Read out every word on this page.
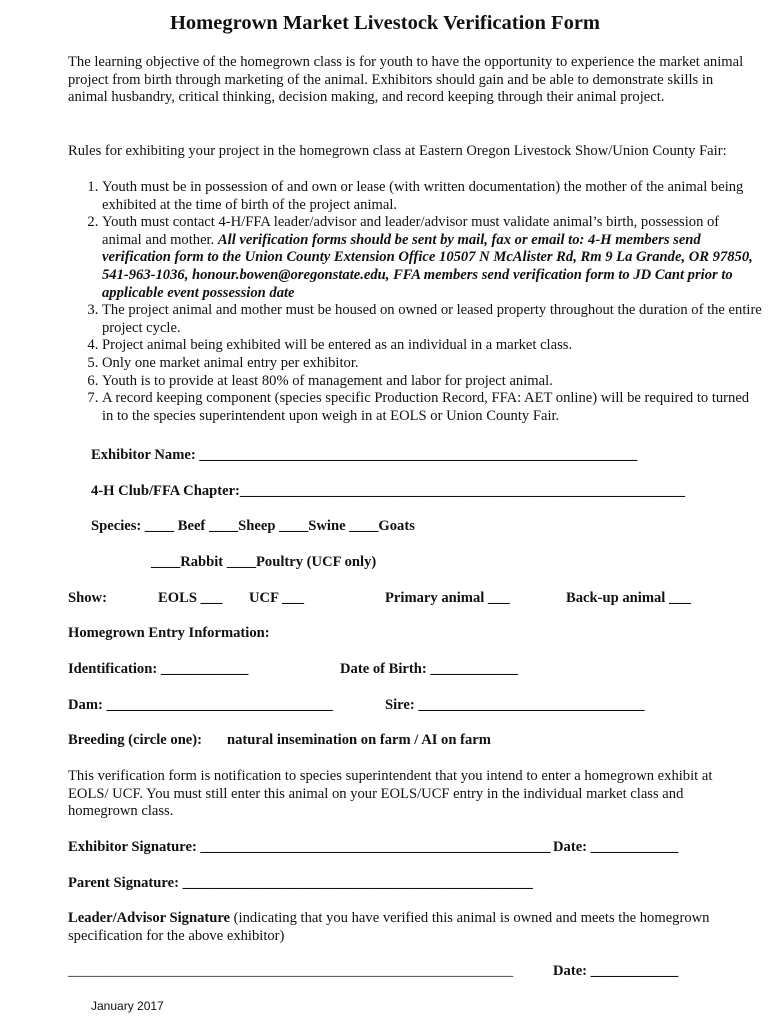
Homegrown Market Livestock Verification Form
The learning objective of the homegrown class is for youth to have the opportunity to experience the market animal project from birth through marketing of the animal. Exhibitors should gain and be able to demonstrate skills in animal husbandry, critical thinking, decision making, and record keeping through their animal project.
Rules for exhibiting your project in the homegrown class at Eastern Oregon Livestock Show/Union County Fair:
1. Youth must be in possession of and own or lease (with written documentation) the mother of the animal being exhibited at the time of birth of the project animal.
2. Youth must contact 4-H/FFA leader/advisor and leader/advisor must validate animal’s birth, possession of animal and mother. All verification forms should be sent by mail, fax or email to: 4-H members send verification form to the Union County Extension Office 10507 N McAlister Rd, Rm 9 La Grande, OR 97850, 541-963-1036, honour.bowen@oregonstate.edu, FFA members send verification form to JD Cant prior to applicable event possession date
3. The project animal and mother must be housed on owned or leased property throughout the duration of the entire project cycle.
4. Project animal being exhibited will be entered as an individual in a market class.
5. Only one market animal entry per exhibitor.
6. Youth is to provide at least 80% of management and labor for project animal.
7. A record keeping component (species specific Production Record, FFA: AET online) will be required to turned in to the species superintendent upon weigh in at EOLS or Union County Fair.
Exhibitor Name: ____________________________________________________________
4-H Club/FFA Chapter:_____________________________________________________________
Species: ____ Beef ____Sheep ____Swine ____Goats
____Rabbit ____Poultry (UCF only)
Show:	EOLS ___ UCF ___	Primary animal ___	Back-up animal ___
Homegrown Entry Information:
Identification: ____________	Date of Birth: ____________
Dam: _______________________________	Sire: _______________________________
Breeding (circle one): natural insemination on farm / AI on farm
This verification form is notification to species superintendent that you intend to enter a homegrown exhibit at EOLS/ UCF. You must still enter this animal on your EOLS/UCF entry in the individual market class and homegrown class.
Exhibitor Signature: ________________________________________________ Date: ____________
Parent Signature: ________________________________________________
Leader/Advisor Signature (indicating that you have verified this animal is owned and meets the homegrown specification for the above exhibitor)
_____________________________________________________________	Date: ____________
January 2017
